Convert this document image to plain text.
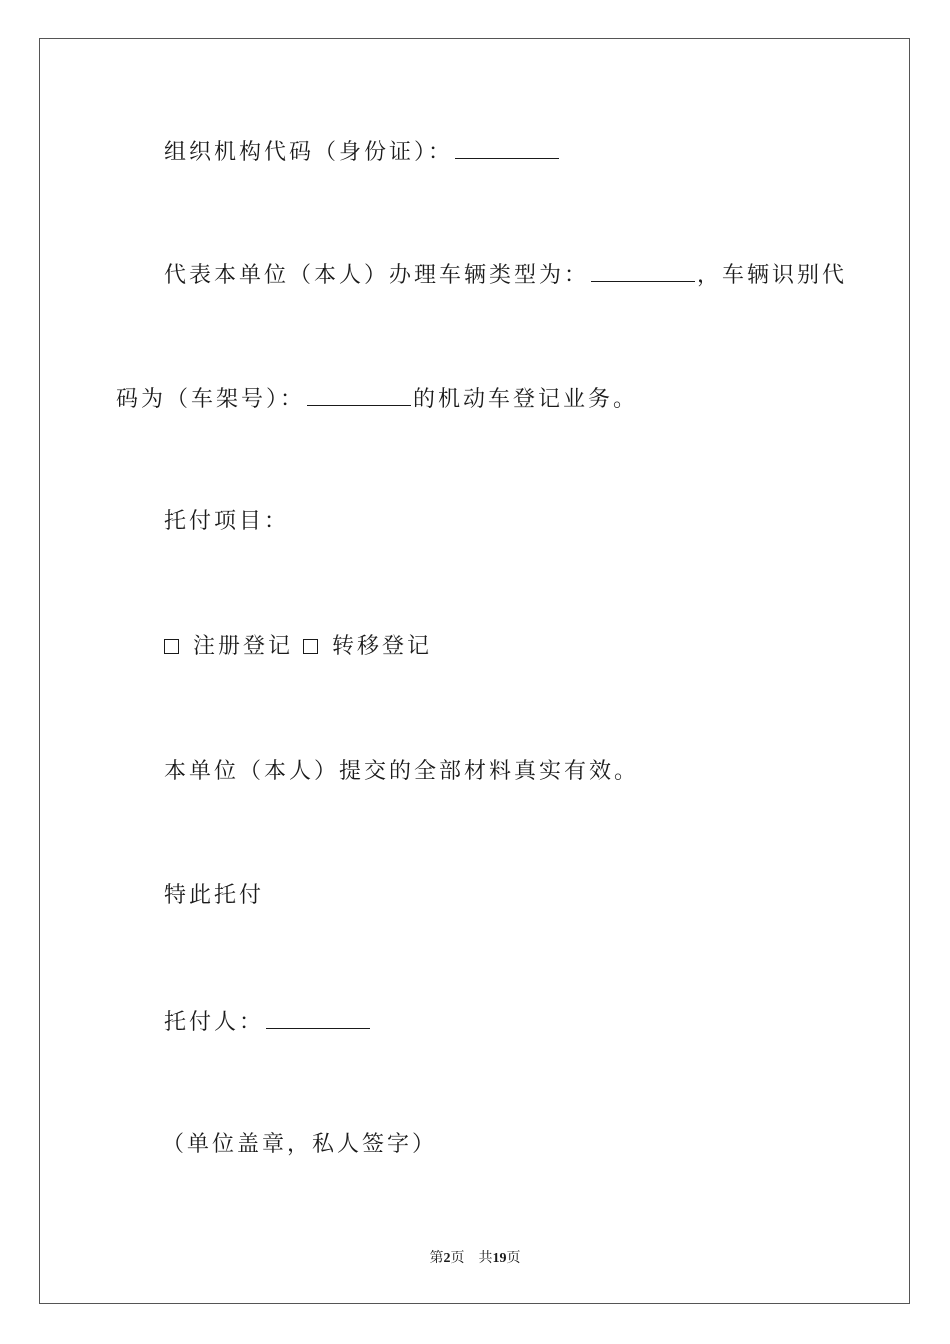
组织机构代码（身份证）：
代表本单位（本人）办理车辆类型为：	，车辆识别代
码为（车架号）：	的机动车登记业务。
托付项目：
注册登记 转移登记
本单位（本人）提交的全部材料真实有效。
特此托付
托付人：
（单位盖章，私人签字）
第2页 共19页
